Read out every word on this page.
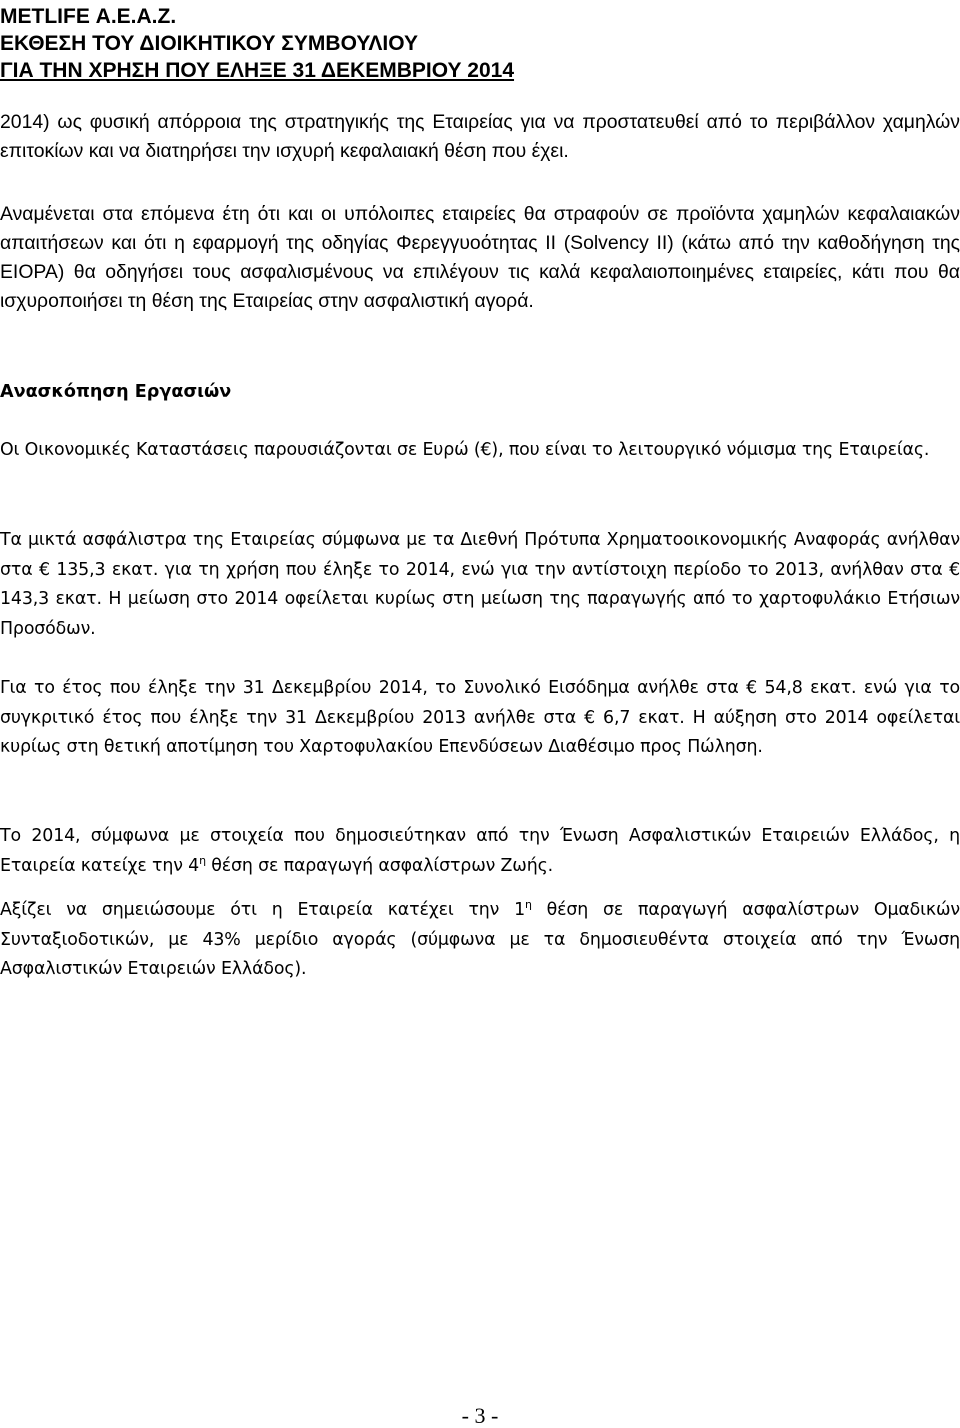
METLIFE Α.Ε.Α.Ζ.
ΕΚΘΕΣΗ ΤΟΥ ΔΙΟΙΚΗΤΙΚΟΥ ΣΥΜΒΟΥΛΙΟΥ
ΓΙΑ ΤΗΝ ΧΡΗΣΗ ΠΟΥ ΕΛΗΞΕ 31 ΔΕΚΕΜΒΡΙΟΥ 2014

2014) ως φυσική απόρροια της στρατηγικής της Εταιρείας για να προστατευθεί από το περιβάλλον χαμηλών επιτοκίων και να διατηρήσει την ισχυρή κεφαλαιακή θέση που έχει.

Αναμένεται στα επόμενα έτη ότι και οι υπόλοιπες εταιρείες θα στραφούν σε προϊόντα χαμηλών κεφαλαιακών απαιτήσεων και ότι η εφαρμογή της οδηγίας Φερεγγυοότητας ΙΙ (Solvency II) (κάτω από την καθοδήγηση της EIOPA) θα οδηγήσει τους ασφαλισμένους να επιλέγουν τις καλά κεφαλαιοποιημένες εταιρείες, κάτι που θα ισχυροποιήσει τη θέση της Εταιρείας στην ασφαλιστική αγορά.

Ανασκόπηση Εργασιών

Οι Οικονομικές Καταστάσεις παρουσιάζονται σε Ευρώ (€), που είναι το λειτουργικό νόμισμα της Εταιρείας.

Τα μικτά ασφάλιστρα της Εταιρείας σύμφωνα με τα Διεθνή Πρότυπα Χρηματοοικονομικής Αναφοράς ανήλθαν στα € 135,3 εκατ. για τη χρήση που έληξε το 2014, ενώ για την αντίστοιχη περίοδο το 2013, ανήλθαν στα € 143,3 εκατ. Η μείωση στο 2014 οφείλεται κυρίως στη μείωση της παραγωγής από το χαρτοφυλάκιο Ετήσιων Προσόδων.

Για το έτος που έληξε την 31 Δεκεμβρίου 2014, το Συνολικό Εισόδημα ανήλθε στα € 54,8 εκατ. ενώ για το συγκριτικό έτος που έληξε την 31 Δεκεμβρίου 2013 ανήλθε στα € 6,7 εκατ. Η αύξηση στο 2014 οφείλεται κυρίως στη θετική αποτίμηση του Χαρτοφυλακίου Επενδύσεων Διαθέσιμο προς Πώληση.

Το 2014, σύμφωνα με στοιχεία που δημοσιεύτηκαν από την Ένωση Ασφαλιστικών Εταιρειών Ελλάδος, η Εταιρεία κατείχε την $4^\eta$ θέση σε παραγωγή ασφαλίστρων Ζωής.

Αξίζει να σημειώσουμε ότι η Εταιρεία κατέχει την $1^\eta$ θέση σε παραγωγή ασφαλίστρων Ομαδικών Συνταξιοδοτικών, με 43% μερίδιο αγοράς (σύμφωνα με τα δημοσιευθέντα στοιχεία από την Ένωση Ασφαλιστικών Εταιρειών Ελλάδος).

- 3 -
